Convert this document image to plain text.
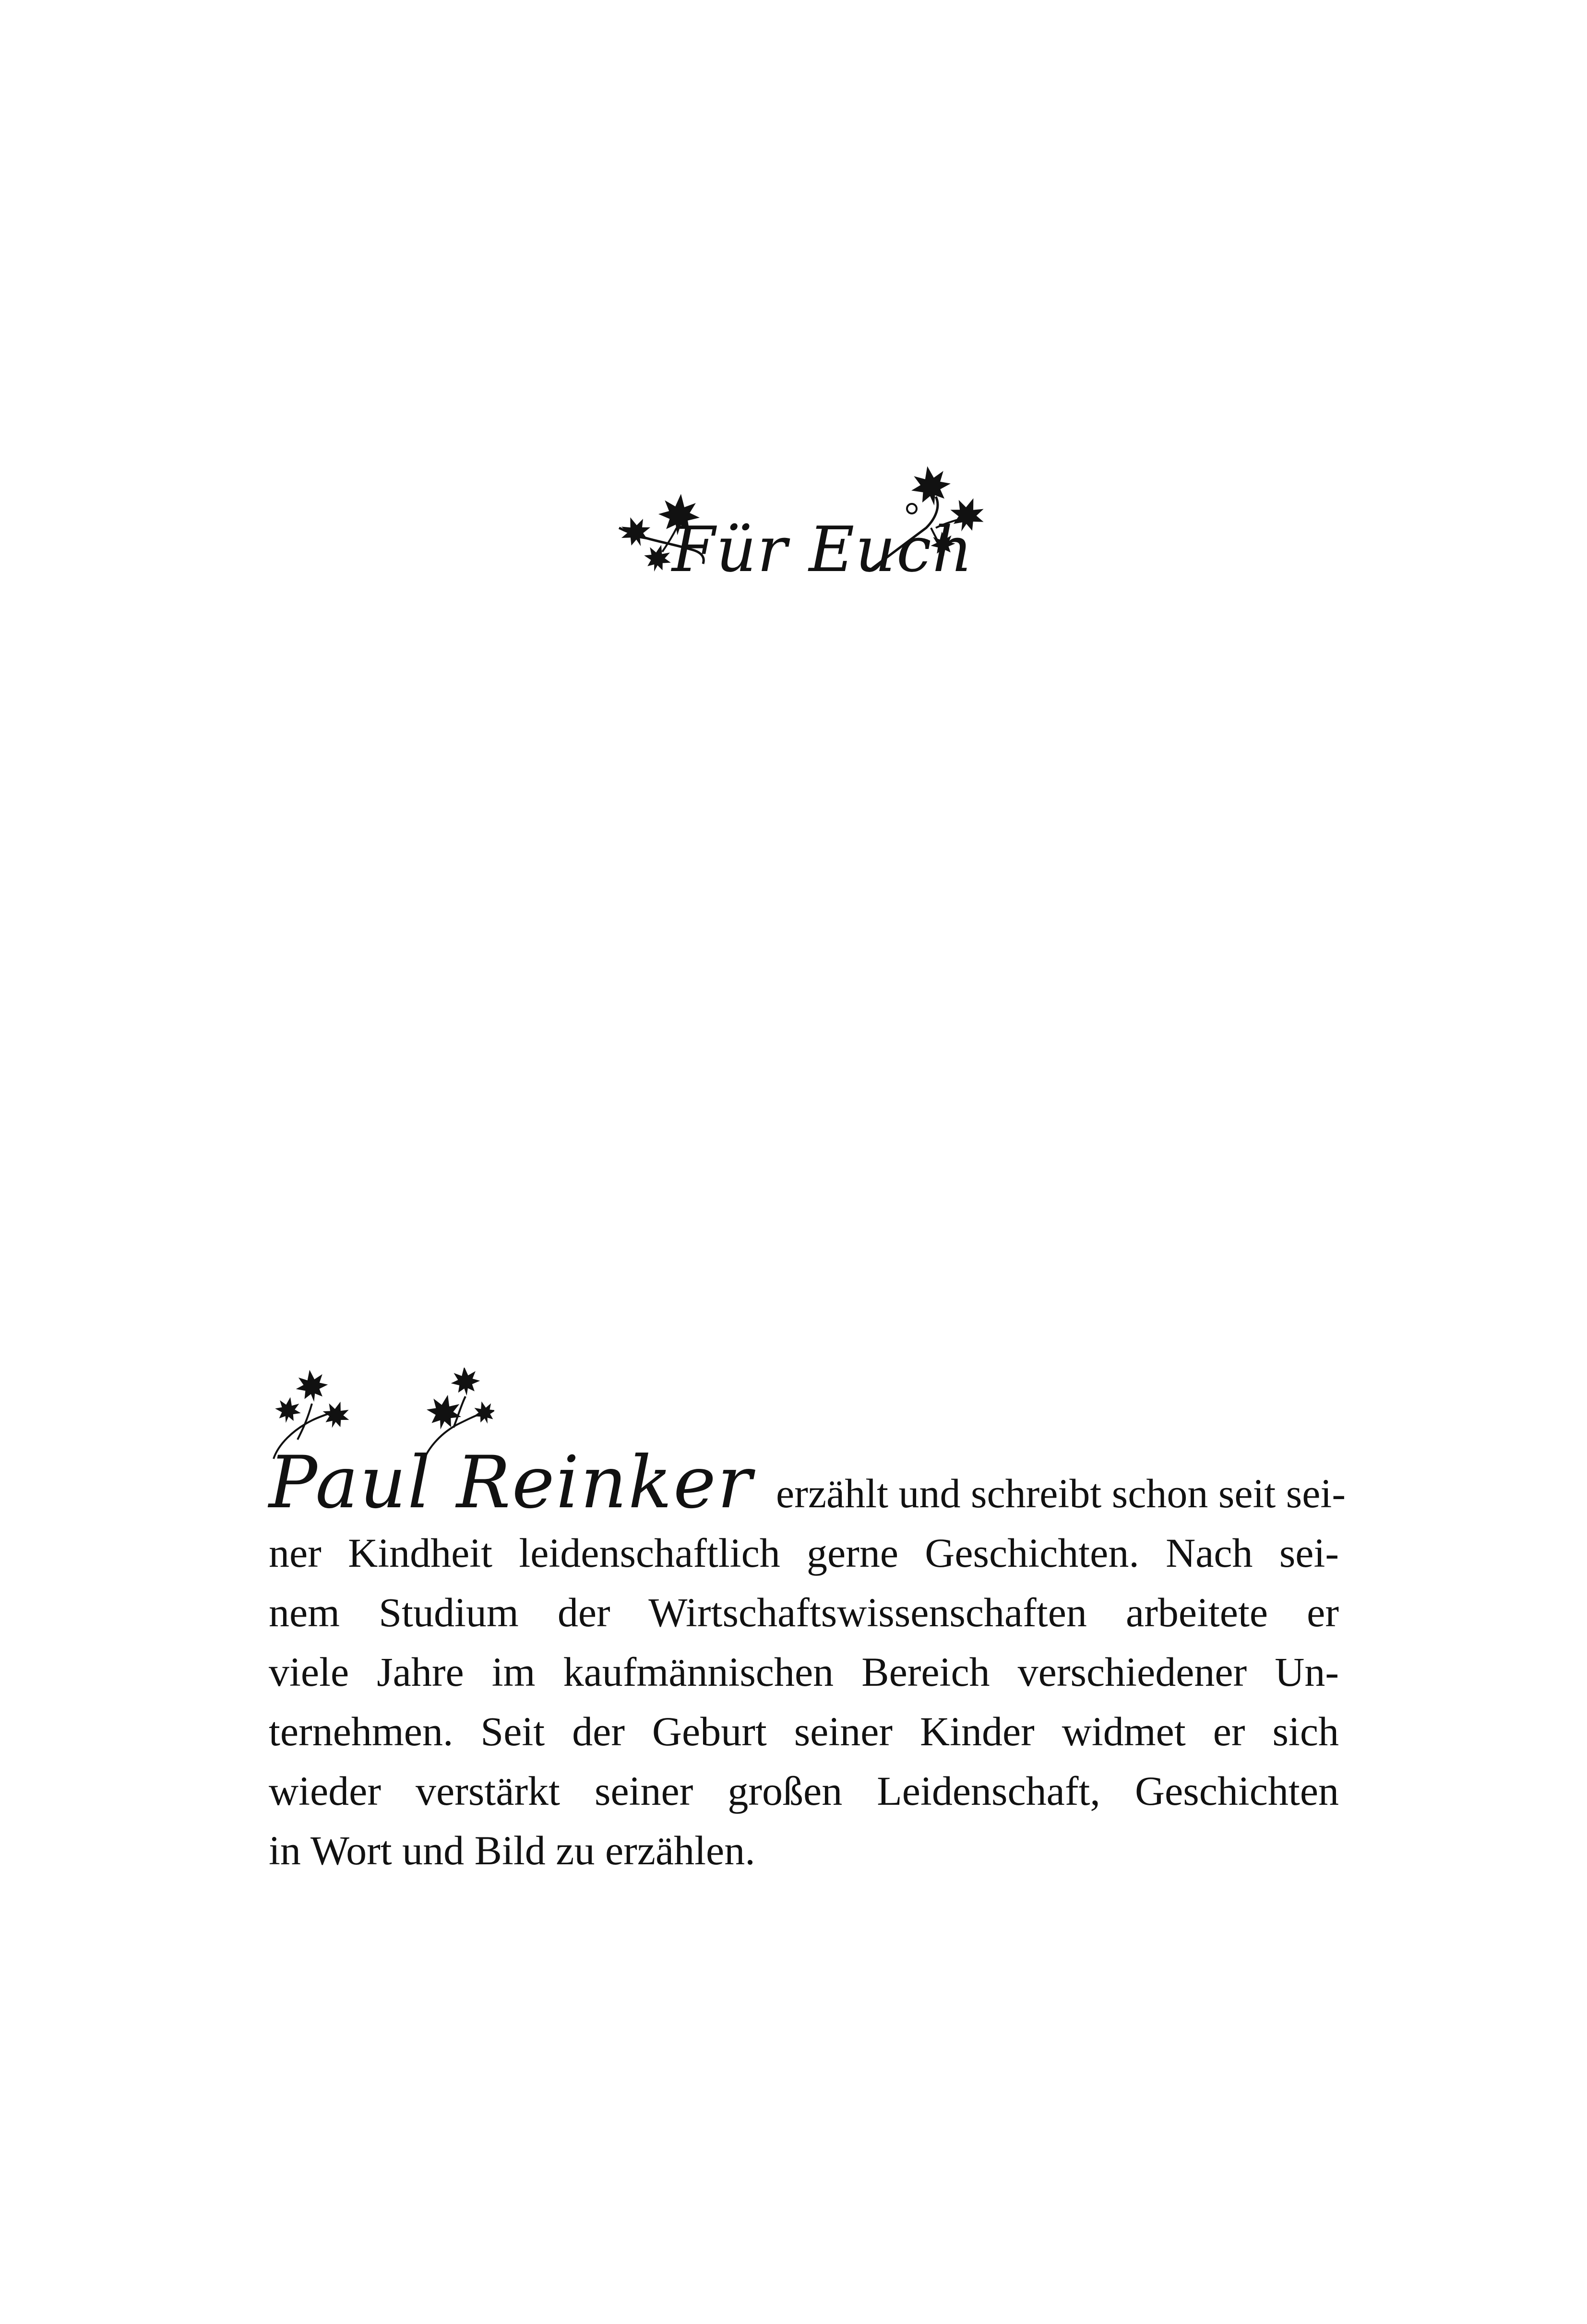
Für Euch

Paul Reinker erzählt und schreibt schon seit sei-
ner Kindheit leidenschaftlich gerne Geschichten. Nach sei-
nem Studium der Wirtschaftswissenschaften arbeitete er
viele Jahre im kaufmännischen Bereich verschiedener Un-
ternehmen. Seit der Geburt seiner Kinder widmet er sich
wieder verstärkt seiner großen Leidenschaft, Geschichten
in Wort und Bild zu erzählen.
